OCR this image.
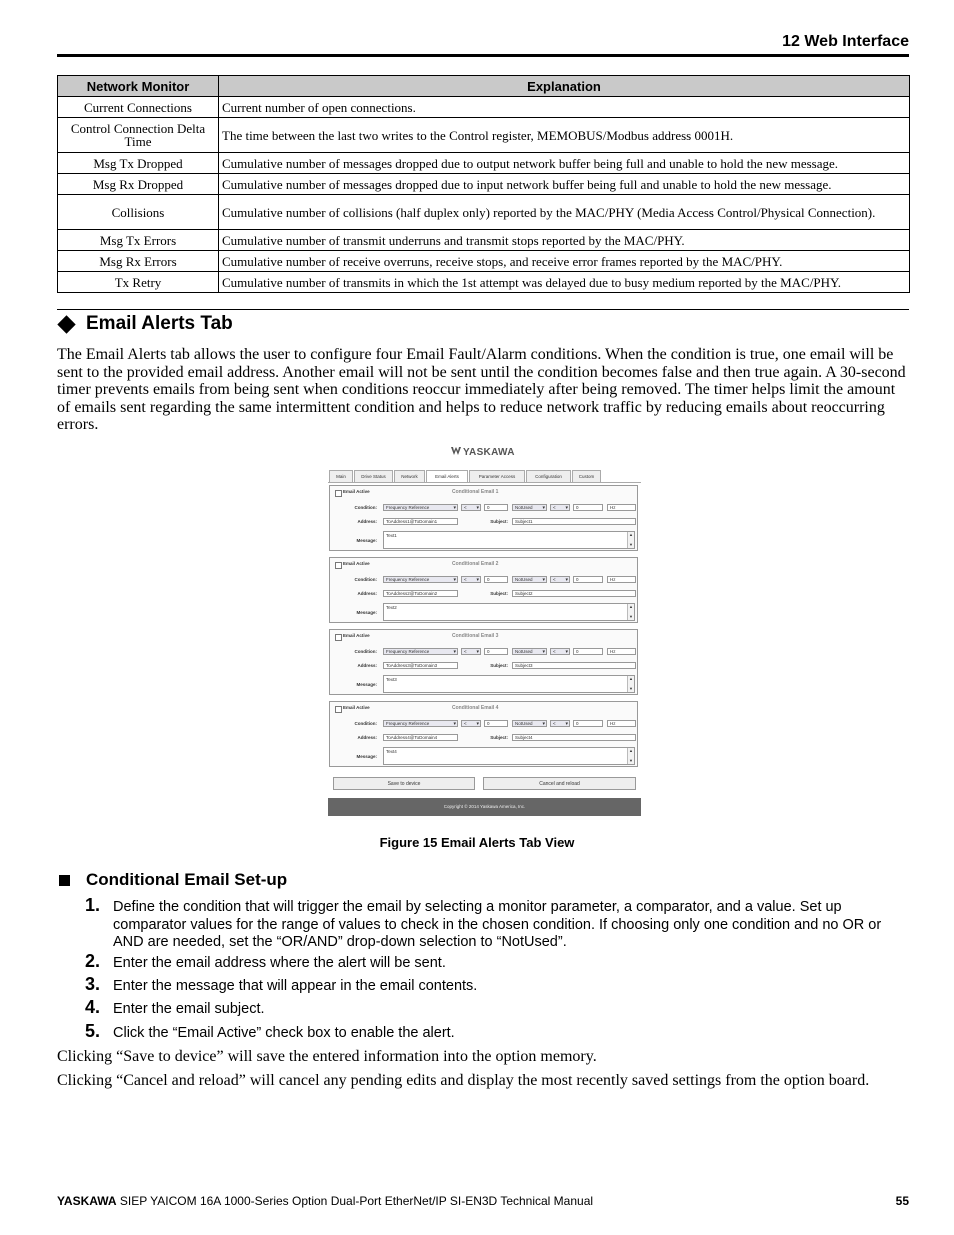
12 Web Interface
Network Monitor	Explanation
Current Connections	Current number of open connections.
Control Connection Delta Time	The time between the last two writes to the Control register, MEMOBUS/Modbus address 0001H.
Msg Tx Dropped	Cumulative number of messages dropped due to output network buffer being full and unable to hold the new message.
Msg Rx Dropped	Cumulative number of messages dropped due to input network buffer being full and unable to hold the new message.
Collisions	Cumulative number of collisions (half duplex only) reported by the MAC/PHY (Media Access Control/Physical Connection).
Msg Tx Errors	Cumulative number of transmit underruns and transmit stops reported by the MAC/PHY.
Msg Rx Errors	Cumulative number of receive overruns, receive stops, and receive error frames reported by the MAC/PHY.
Tx Retry	Cumulative number of transmits in which the 1st attempt was delayed due to busy medium reported by the MAC/PHY.
Email Alerts Tab
The Email Alerts tab allows the user to configure four Email Fault/Alarm conditions. When the condition is true, one email will be sent to the provided email address. Another email will not be sent until the condition becomes false and then true again. A 30-second timer prevents emails from being sent when conditions reoccur immediately after being removed. The timer helps limit the amount of emails sent regarding the same intermittent condition and helps to reduce network traffic by reducing emails about reoccurring errors.
YASKAWA
Main	Drive Status	Network	Email Alerts	Parameter Access	Configuration	Custom
Email Active	Conditional Email 1
Condition:	Frequency Reference ▾	< ▾	0	NotUsed ▾	< ▾	0	Hz
Address:	ToAddress1@ToDomain1	Subject:	Subject1
Message:
Text1	▲

▼
Email Active	Conditional Email 2
Condition:	Frequency Reference ▾	< ▾	0	NotUsed ▾	< ▾	0	Hz
Address:	ToAddress2@ToDomain2	Subject:	Subject2
Message:
Text2	▲

▼
Email Active	Conditional Email 3
Condition:	Frequency Reference ▾	< ▾	0	NotUsed ▾	< ▾	0	Hz
Address:	ToAddress3@ToDomain3	Subject:	Subject3
Message:
Text3	▲

▼
Email Active	Conditional Email 4
Condition:	Frequency Reference ▾	< ▾	0	NotUsed ▾	< ▾	0	Hz
Address:	ToAddress4@ToDomain4	Subject:	Subject4
Message:
Text4	▲

▼
Save to device	Cancel and reload
Copyright © 2014 Yaskawa America, Inc.
Figure 15 Email Alerts Tab View
Conditional Email Set-up
1. Define the condition that will trigger the email by selecting a monitor parameter, a comparator, and a value. Set up comparator values for the range of values to check in the chosen condition. If choosing only one condition and no OR or AND are needed, set the “OR/AND” drop-down selection to “NotUsed”.
2. Enter the email address where the alert will be sent.
3. Enter the message that will appear in the email contents.
4. Enter the email subject.
5. Click the “Email Active” check box to enable the alert.
Clicking “Save to device” will save the entered information into the option memory.
Clicking “Cancel and reload” will cancel any pending edits and display the most recently saved settings from the option board.
YASKAWA SIEP YAICOM 16A 1000-Series Option Dual-Port EtherNet/IP SI-EN3D Technical Manual	55
